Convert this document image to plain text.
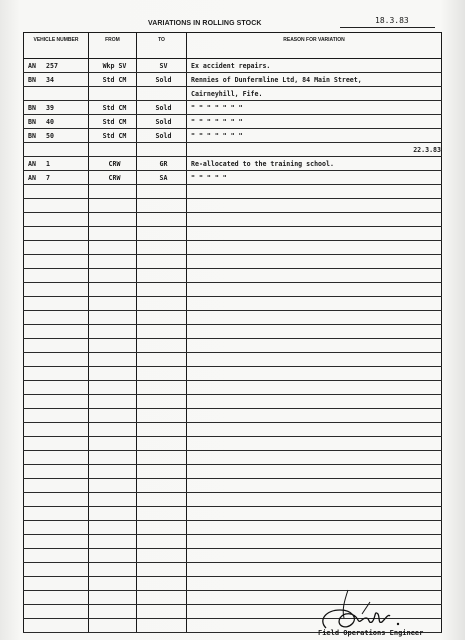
VARIATIONS IN ROLLING STOCK	18.3.83
VEHICLE NUMBER	FROM	TO	REASON FOR VARIATION
AN 257	Wkp SV	SV	Ex accident repairs.
BN 34	Std CM	Sold	Rennies of Dunfermline Ltd, 84 Main Street,
			Cairneyhill, Fife.
BN 39	Std CM	Sold	" " " " " " "
BN 40	Std CM	Sold	" " " " " " "
BN 50	Std CM	Sold	" " " " " " "
			22.3.83
AN 1	CRW	GR	Re-allocated to the training school.
AN 7	CRW	SA	" " " " "

Field Operations Engineer
